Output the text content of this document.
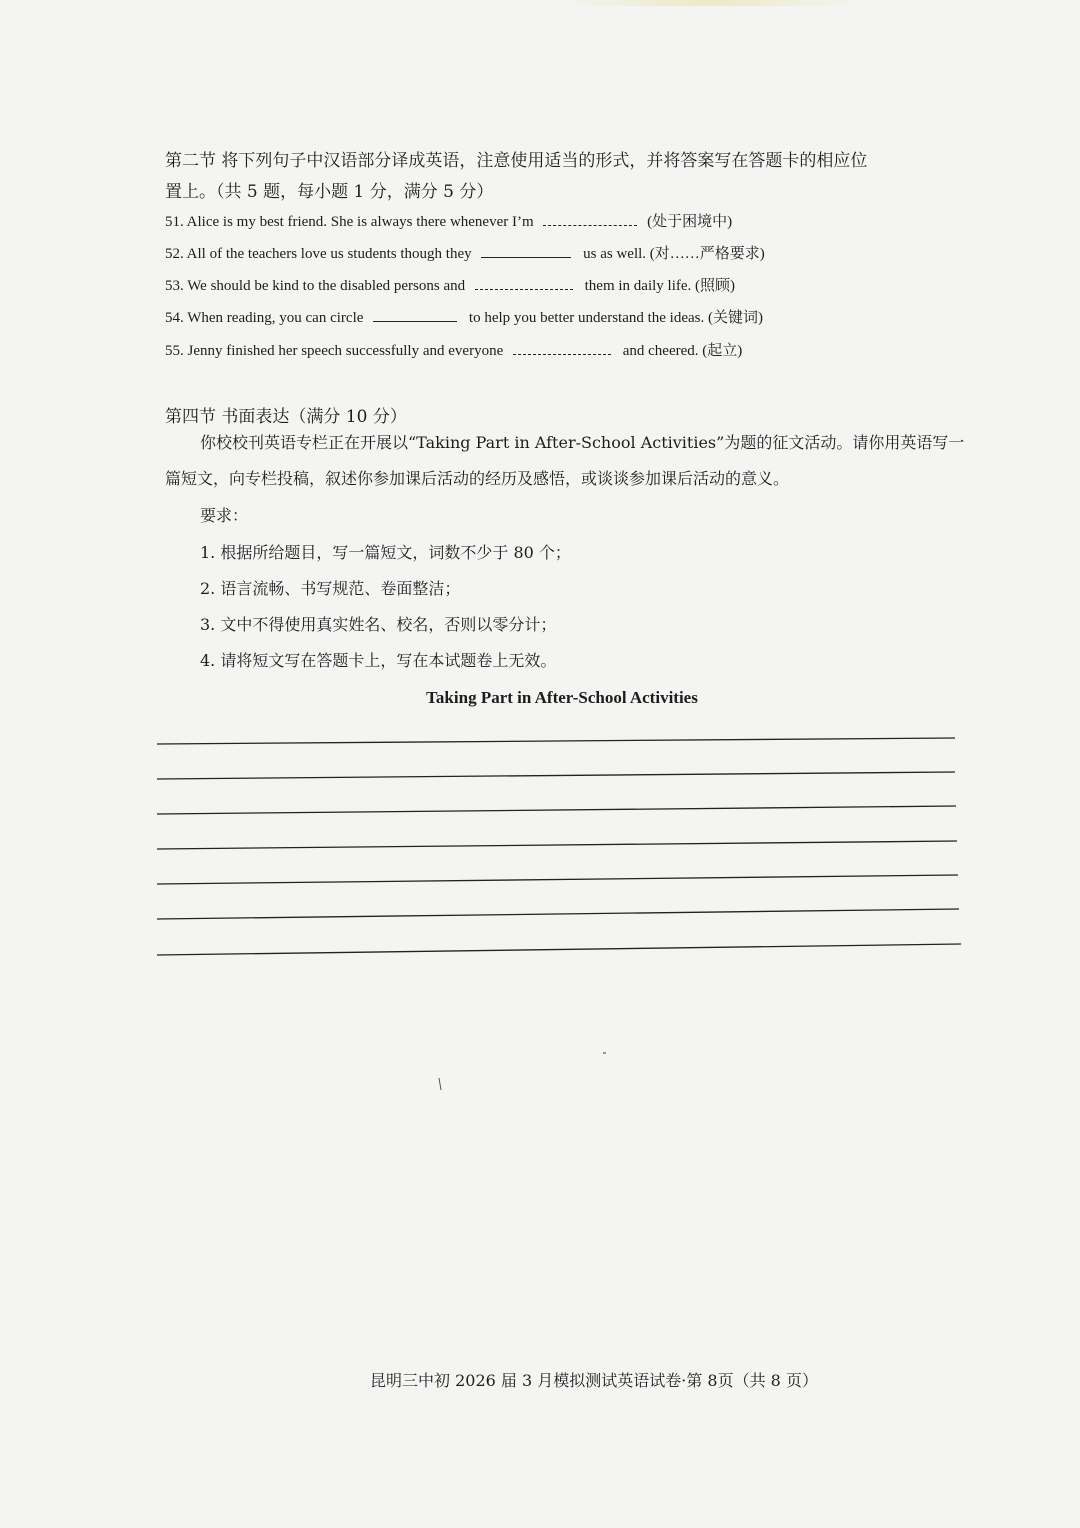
第二节 将下列句子中汉语部分译成英语，注意使用适当的形式，并将答案写在答题卡的相应位
置上。（共 5 题，每小题 1 分，满分 5 分）
51. Alice is my best friend. She is always there whenever I’m	(处于困境中)
52. All of the teachers love us students though they	us as well. (对……严格要求)
53. We should be kind to the disabled persons and	them in daily life. (照顾)
54. When reading, you can circle	to help you better understand the ideas. (关键词)
55. Jenny finished her speech successfully and everyone	and cheered. (起立)
第四节 书面表达（满分 10 分）
你校校刊英语专栏正在开展以“Taking Part in After-School Activities”为题的征文活动。请你用英语写一
篇短文，向专栏投稿，叙述你参加课后活动的经历及感悟，或谈谈参加课后活动的意义。
要求：
1. 根据所给题目，写一篇短文，词数不少于 80 个；
2. 语言流畅、书写规范、卷面整洁；
3. 文中不得使用真实姓名、校名，否则以零分计；
4. 请将短文写在答题卡上，写在本试题卷上无效。
Taking Part in After-School Activities
昆明三中初 2026 届 3 月模拟测试英语试卷·第 8页（共 8 页）
